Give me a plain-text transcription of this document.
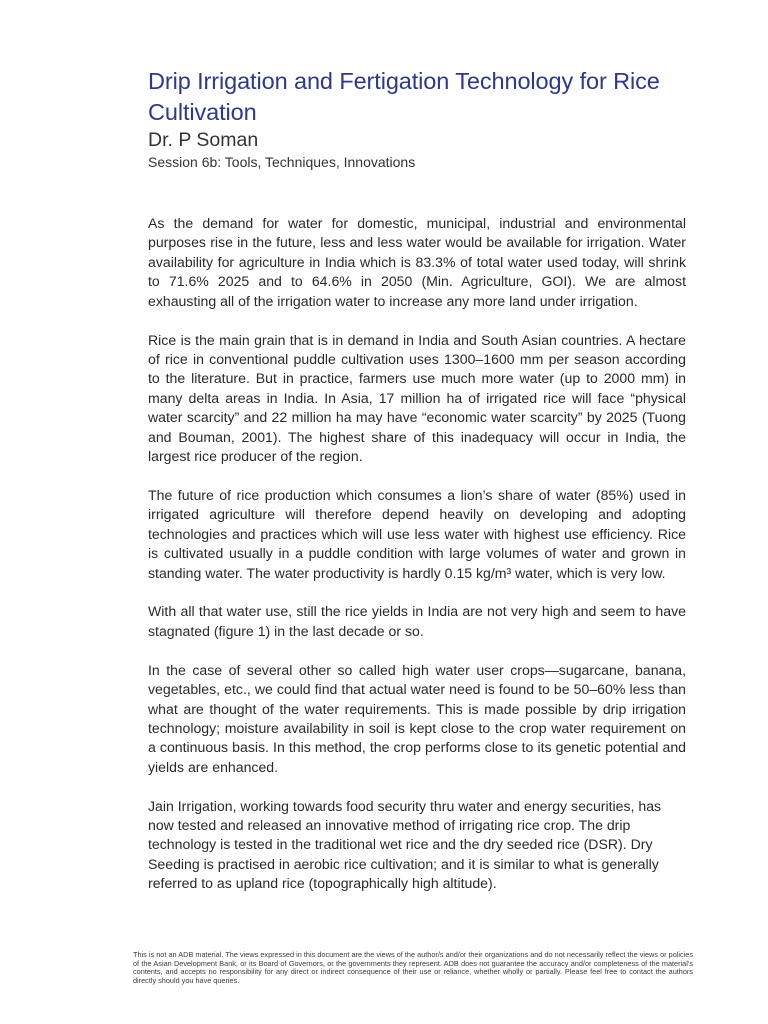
Drip Irrigation and Fertigation Technology for Rice Cultivation
Dr. P Soman

Session 6b: Tools, Techniques, Innovations

As the demand for water for domestic, municipal, industrial and environmental purposes rise in the future, less and less water would be available for irrigation. Water availability for agriculture in India which is 83.3% of total water used today, will shrink to 71.6% 2025 and to 64.6% in 2050 (Min. Agriculture, GOI). We are almost exhausting all of the irrigation water to increase any more land under irrigation.

Rice is the main grain that is in demand in India and South Asian countries. A hectare of rice in conventional puddle cultivation uses 1300–1600 mm per season according to the literature. But in practice, farmers use much more water (up to 2000 mm) in many delta areas in India. In Asia, 17 million ha of irrigated rice will face “physical water scarcity” and 22 million ha may have “economic water scarcity” by 2025 (Tuong and Bouman, 2001). The highest share of this inadequacy will occur in India, the largest rice producer of the region.

The future of rice production which consumes a lion’s share of water (85%) used in irrigated agriculture will therefore depend heavily on developing and adopting technologies and practices which will use less water with highest use efficiency. Rice is cultivated usually in a puddle condition with large volumes of water and grown in standing water. The water productivity is hardly 0.15 kg/m³ water, which is very low.

With all that water use, still the rice yields in India are not very high and seem to have stagnated (figure 1) in the last decade or so.

In the case of several other so called high water user crops—sugarcane, banana, vegetables, etc., we could find that actual water need is found to be 50–60% less than what are thought of the water requirements. This is made possible by drip irrigation technology; moisture availability in soil is kept close to the crop water requirement on a continuous basis. In this method, the crop performs close to its genetic potential and yields are enhanced.

Jain Irrigation, working towards food security thru water and energy securities, has now tested and released an innovative method of irrigating rice crop. The drip technology is tested in the traditional wet rice and the dry seeded rice (DSR). Dry Seeding is practised in aerobic rice cultivation; and it is similar to what is generally referred to as upland rice (topographically high altitude).

This is not an ADB material. The views expressed in this document are the views of the author/s and/or their organizations and do not necessarily reflect the views or policies of the Asian Development Bank, or its Board of Governors, or the governments they represent. ADB does not guarantee the accuracy and/or completeness of the material’s contents, and accepts no responsibility for any direct or indirect consequence of their use or reliance, whether wholly or partially. Please feel free to contact the authors directly should you have queries.
